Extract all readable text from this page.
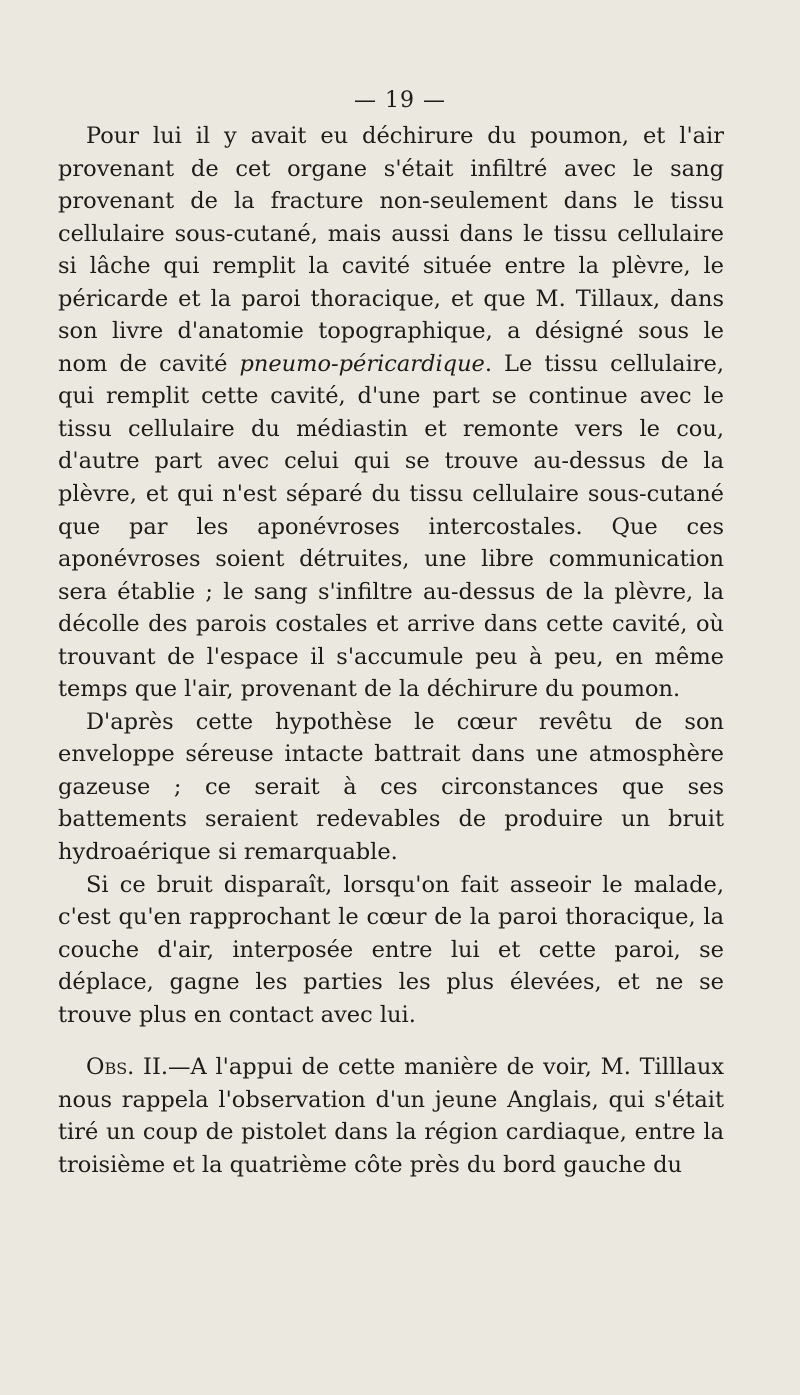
— 19 —

Pour lui il y avait eu déchirure du poumon, et l'air provenant de cet organe s'était infiltré avec le sang provenant de la fracture non-seulement dans le tissu cellulaire sous-cutané, mais aussi dans le tissu cellulaire si lâche qui remplit la cavité située entre la plèvre, le péricarde et la paroi thoracique, et que M. Tillaux, dans son livre d'anatomie topographique, a désigné sous le nom de cavité pneumo-péricardique. Le tissu cellulaire, qui remplit cette cavité, d'une part se continue avec le tissu cellulaire du médiastin et remonte vers le cou, d'autre part avec celui qui se trouve au-dessus de la plèvre, et qui n'est séparé du tissu cellulaire sous-cutané que par les aponévroses intercostales. Que ces aponévroses soient détruites, une libre communication sera établie ; le sang s'infiltre au-dessus de la plèvre, la décolle des parois costales et arrive dans cette cavité, où trouvant de l'espace il s'accumule peu à peu, en même temps que l'air, provenant de la déchirure du poumon.

D'après cette hypothèse le cœur revêtu de son enveloppe séreuse intacte battrait dans une atmosphère gazeuse ; ce serait à ces circonstances que ses battements seraient redevables de produire un bruit hydroaérique si remarquable.

Si ce bruit disparaît, lorsqu'on fait asseoir le malade, c'est qu'en rapprochant le cœur de la paroi thoracique, la couche d'air, interposée entre lui et cette paroi, se déplace, gagne les parties les plus élevées, et ne se trouve plus en contact avec lui.

Obs. II.—A l'appui de cette manière de voir, M. Tilllaux nous rappela l'observation d'un jeune Anglais, qui s'était tiré un coup de pistolet dans la région cardiaque, entre la troisième et la quatrième côte près du bord gauche du
